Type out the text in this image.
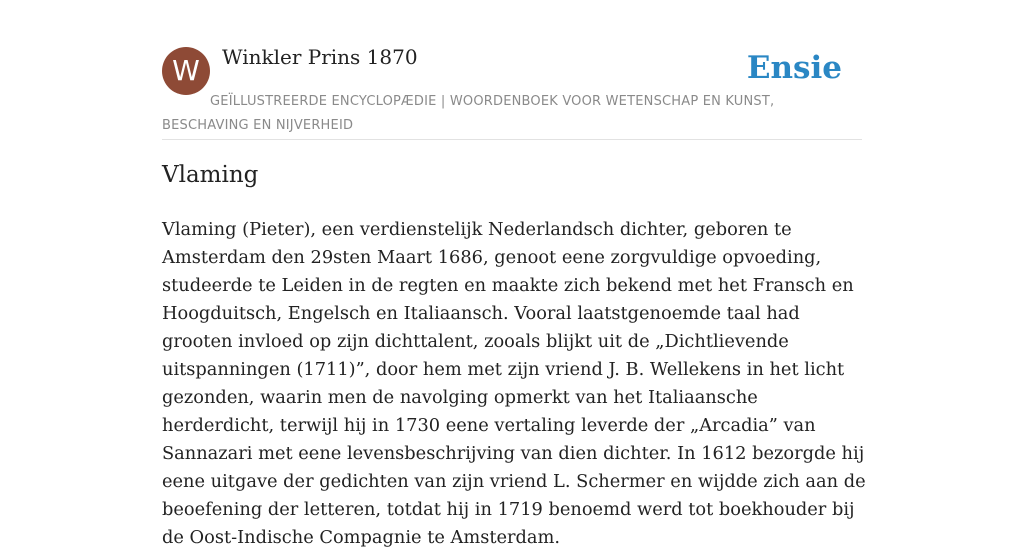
W	Winkler Prins 1870	Ensie
GEÏLLUSTREERDE ENCYCLOPÆDIE | WOORDENBOEK VOOR WETENSCHAP EN KUNST, BESCHAVING EN NIJVERHEID
Vlaming

Vlaming (Pieter), een verdienstelijk Nederlandsch dichter, geboren te Amsterdam den 29sten Maart 1686, genoot eene zorgvuldige opvoeding, studeerde te Leiden in de regten en maakte zich bekend met het Fransch en Hoogduitsch, Engelsch en Italiaansch. Vooral laatstgenoemde taal had grooten invloed op zijn dichttalent, zooals blijkt uit de „Dichtlievende uitspanningen (1711)”, door hem met zijn vriend J. B. Wellekens in het licht gezonden, waarin men de navolging opmerkt van het Italiaansche herderdicht, terwijl hij in 1730 eene vertaling leverde der „Arcadia” van Sannazari met eene levensbeschrijving van dien dichter. In 1612 bezorgde hij eene uitgave der gedichten van zijn vriend L. Schermer en wijdde zich aan de beoefening der letteren, totdat hij in 1719 benoemd werd tot boekhouder bij de Oost-Indische Compagnie te Amsterdam.
